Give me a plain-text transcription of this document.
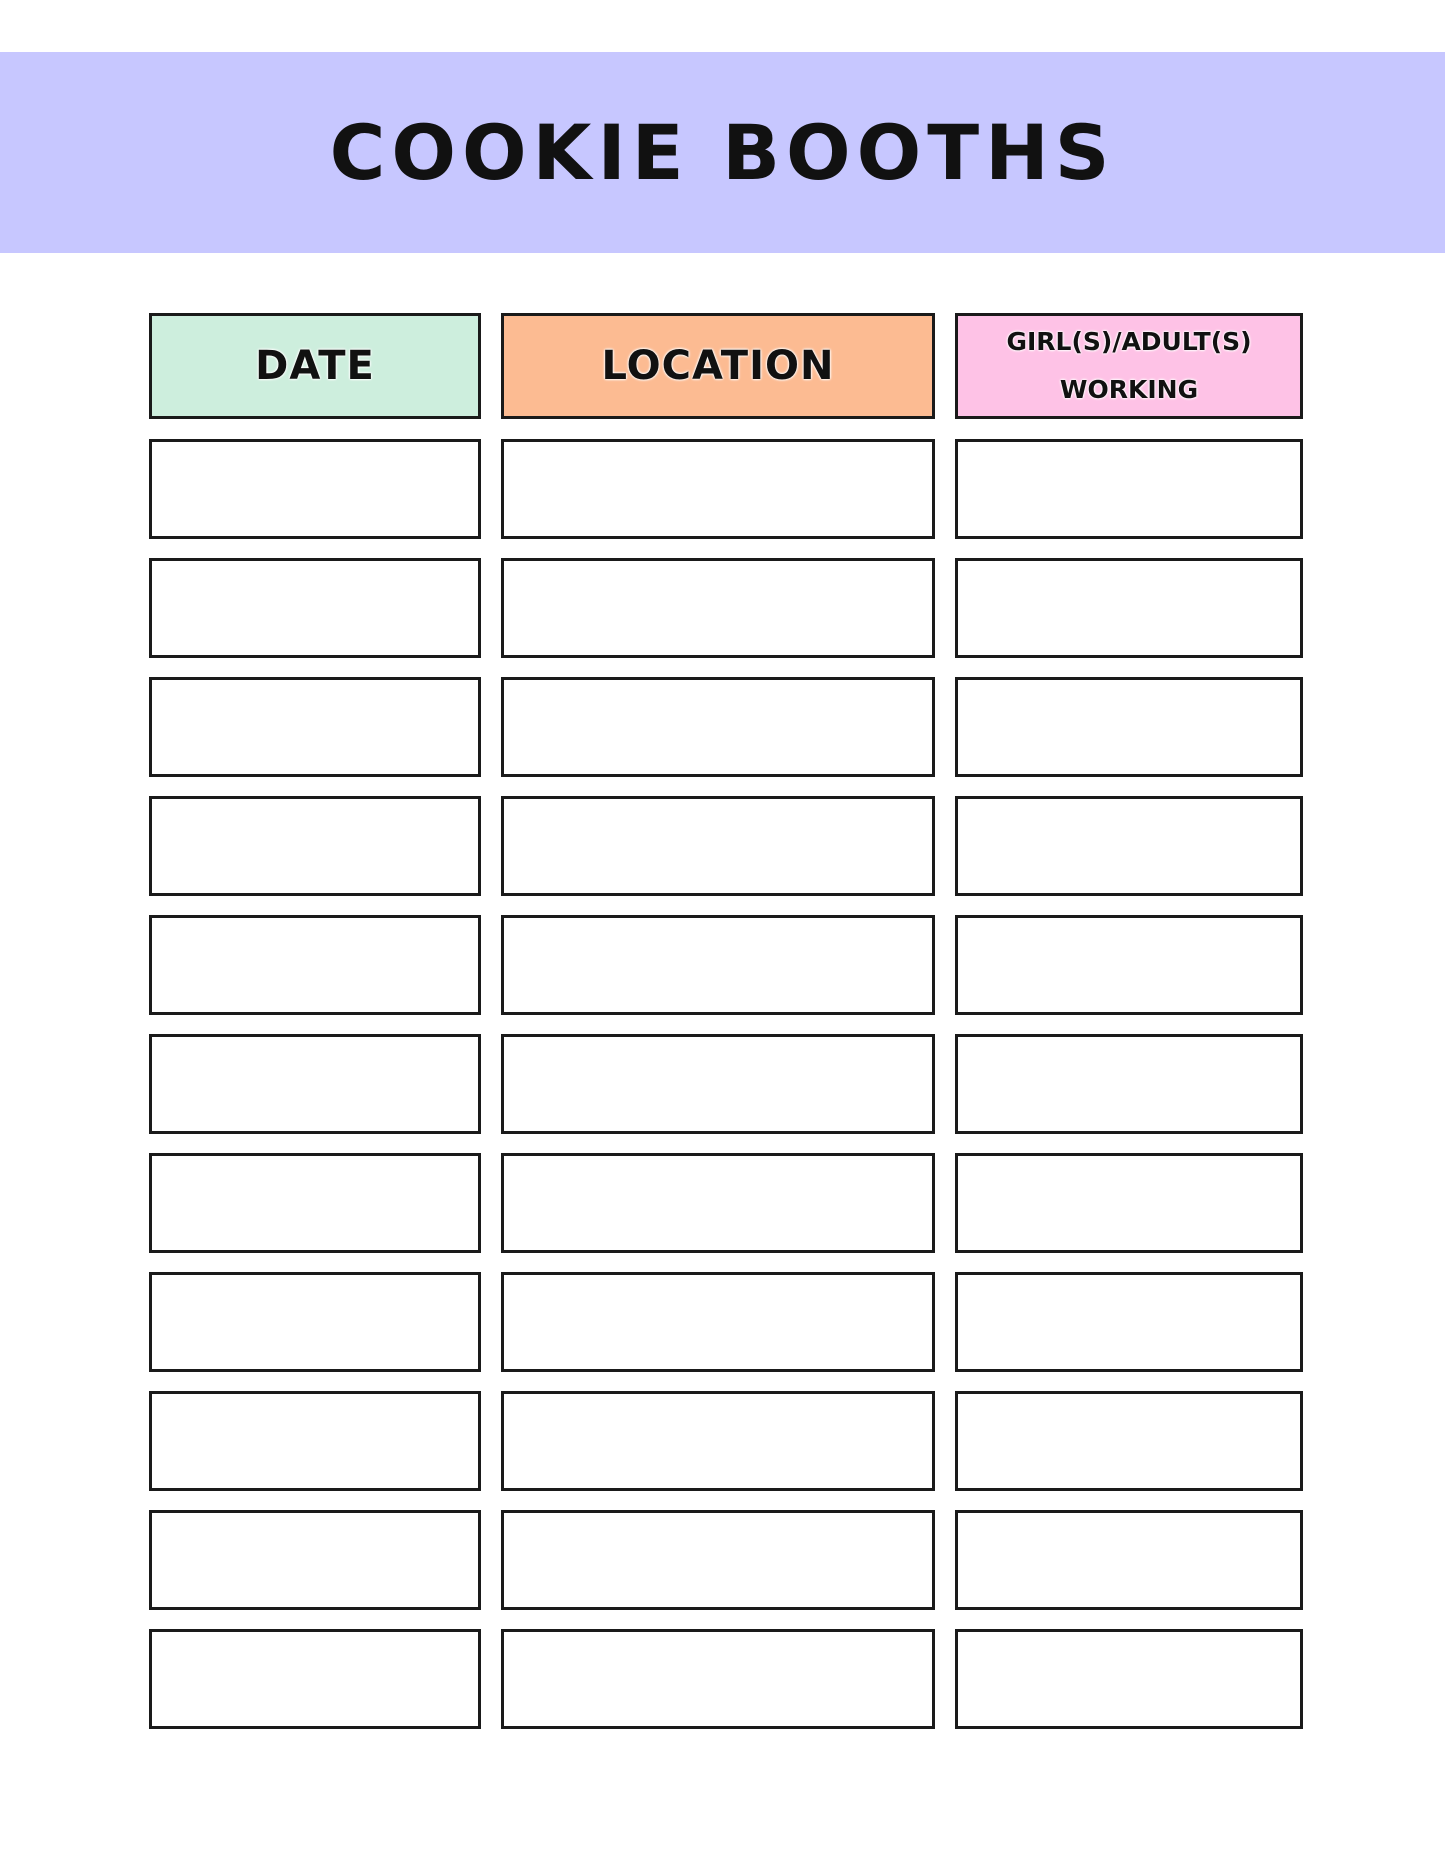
COOKIE BOOTHS
DATE	LOCATION
GIRL(S)/ADULT(S)
WORKING
